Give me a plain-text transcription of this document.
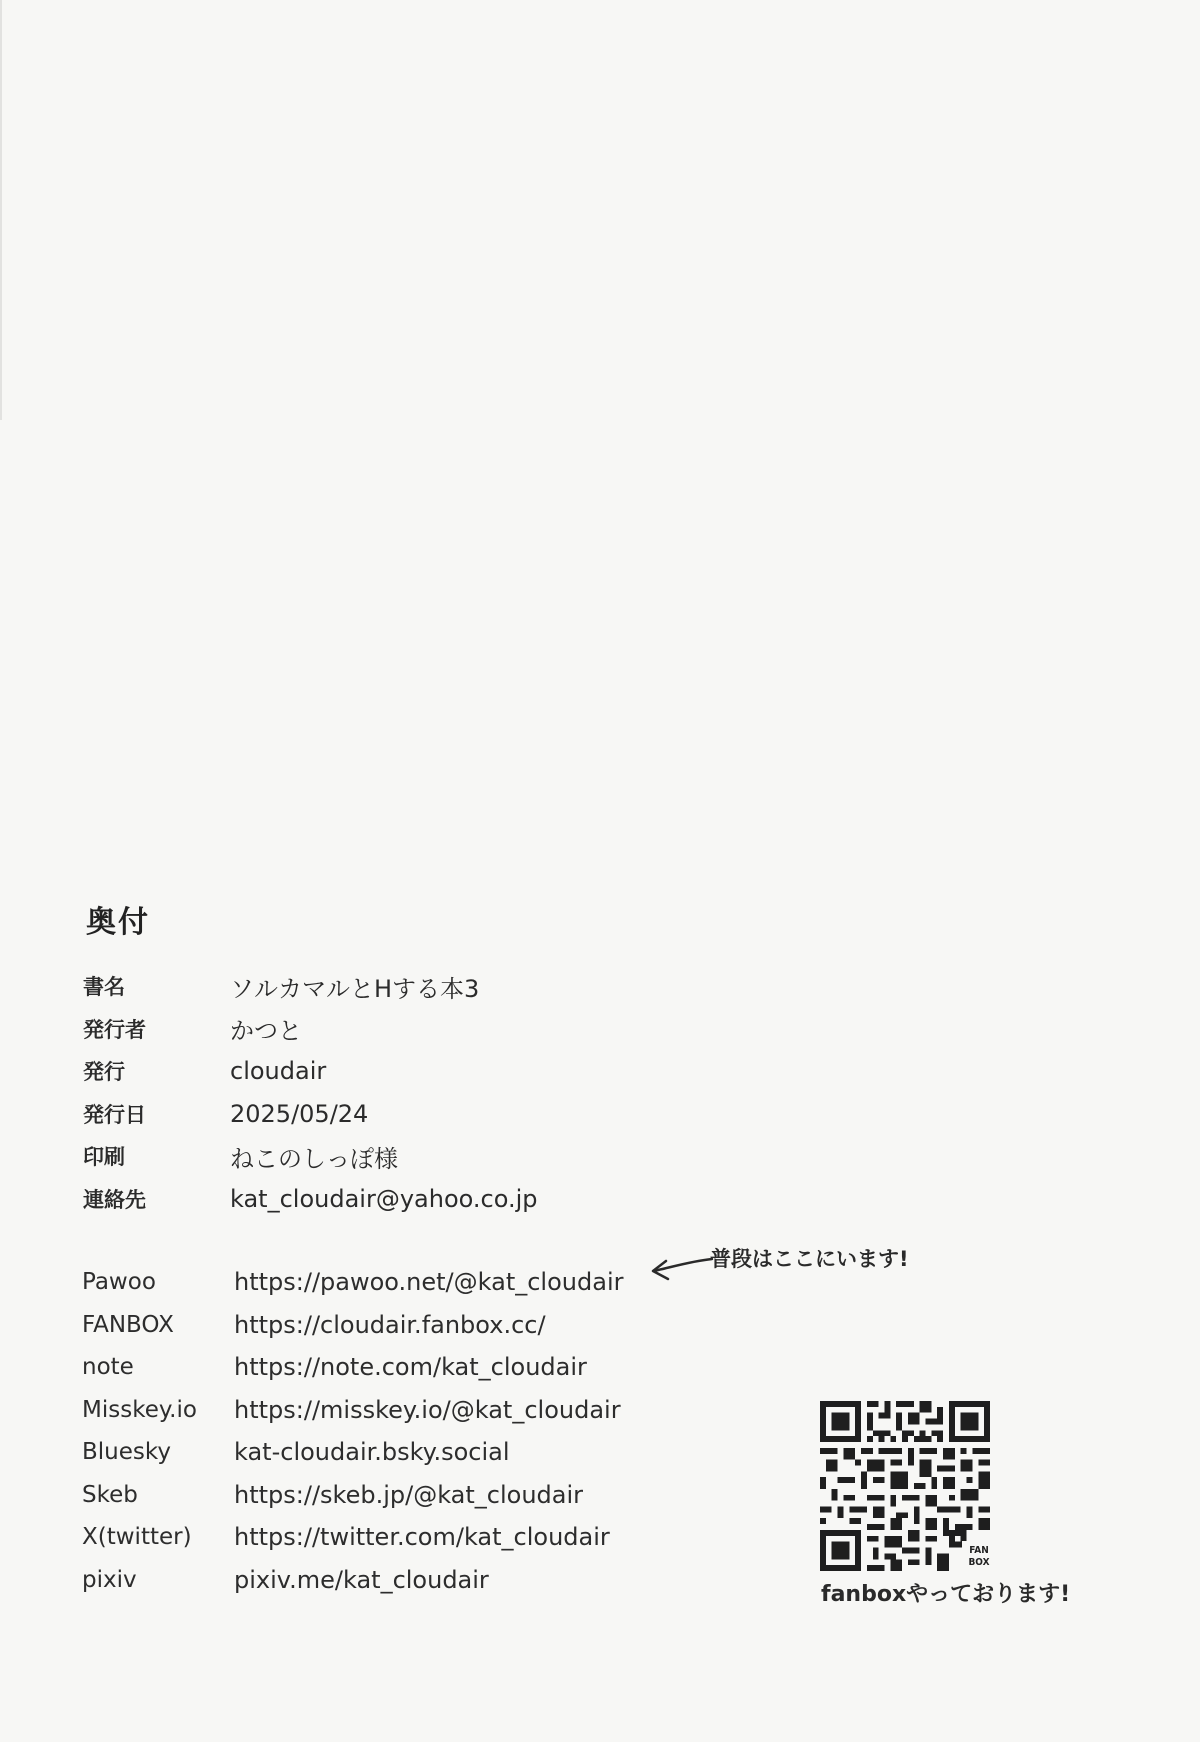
奥付
書名	ソルカマルとHする本3
発行者	かつと
発行	cloudair
発行日	2025/05/24
印刷	ねこのしっぽ様
連絡先	kat_cloudair@yahoo.co.jp
Pawoo	https://pawoo.net/@kat_cloudair
FANBOX	https://cloudair.fanbox.cc/
note	https://note.com/kat_cloudair
Misskey.io	https://misskey.io/@kat_cloudair
Bluesky	kat-cloudair.bsky.social
Skeb	https://skeb.jp/@kat_cloudair
X(twitter)	https://twitter.com/kat_cloudair
pixiv	pixiv.me/kat_cloudair
普段はここにいます!
FAN
BOX
fanboxやっております!
